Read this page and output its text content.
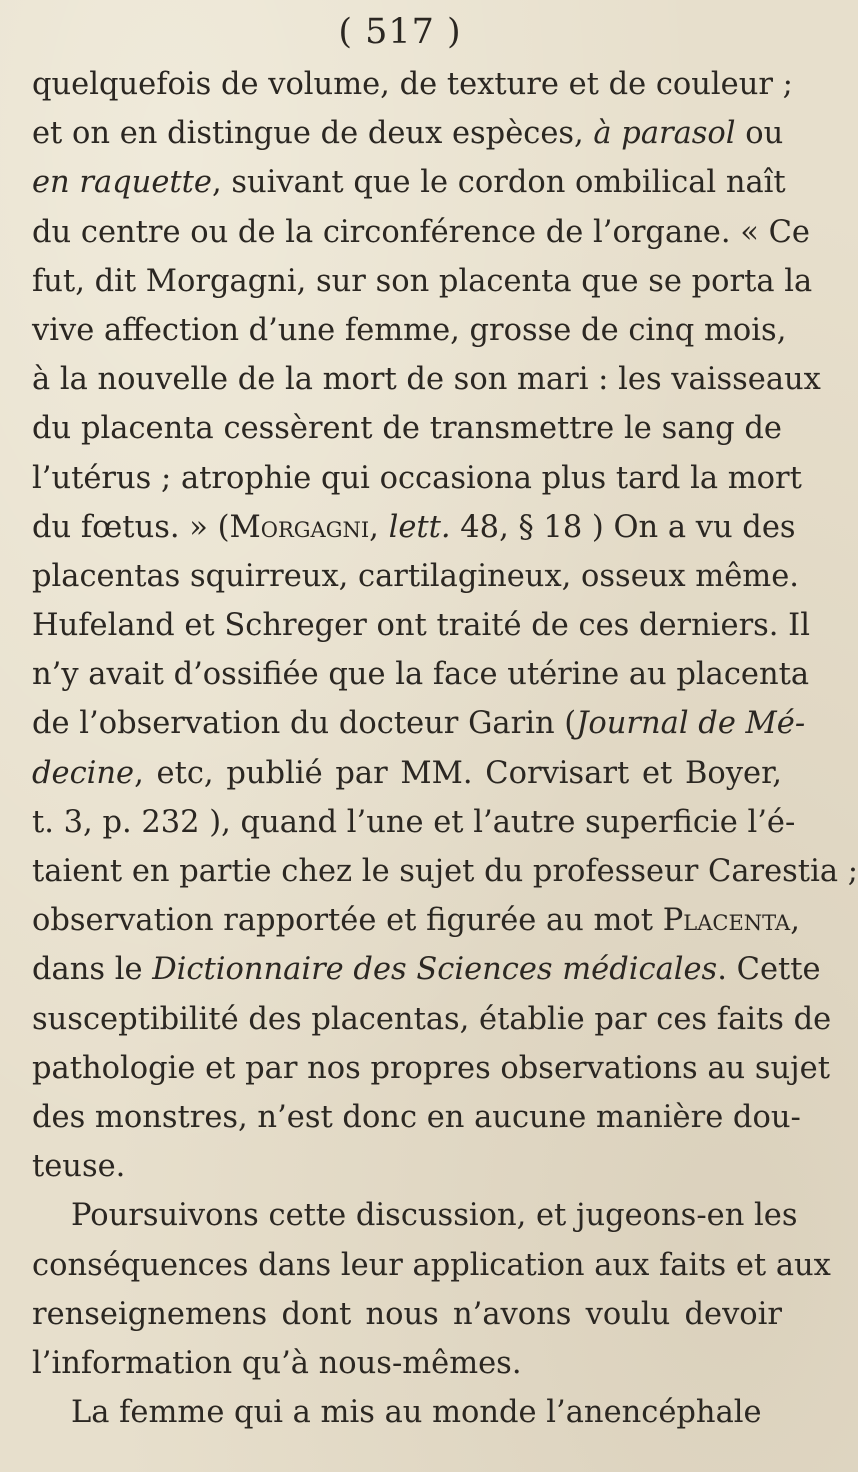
( 517 )
quelquefois de volume, de texture et de couleur ;
et on en distingue de deux espèces, à parasol ou
en raquette, suivant que le cordon ombilical naît
du centre ou de la circonférence de l’organe. « Ce
fut, dit Morgagni, sur son placenta que se porta la
vive affection d’une femme, grosse de cinq mois,
à la nouvelle de la mort de son mari : les vaisseaux
du placenta cessèrent de transmettre le sang de
l’utérus ; atrophie qui occasiona plus tard la mort
du fœtus. » (Morgagni, lett. 48, § 18 ) On a vu des
placentas squirreux, cartilagineux, osseux même.
Hufeland et Schreger ont traité de ces derniers. Il
n’y avait d’ossifiée que la face utérine au placenta
de l’observation du docteur Garin (Journal de Mé-
decine, etc, publié par MM. Corvisart et Boyer,
t. 3, p. 232 ), quand l’une et l’autre superficie l’é-
taient en partie chez le sujet du professeur Carestia ;
observation rapportée et figurée au mot Placenta,
dans le Dictionnaire des Sciences médicales. Cette
susceptibilité des placentas, établie par ces faits de
pathologie et par nos propres observations au sujet
des monstres, n’est donc en aucune manière dou-
teuse.
Poursuivons cette discussion, et jugeons-en les
conséquences dans leur application aux faits et aux
renseignemens dont nous n’avons voulu devoir
l’information qu’à nous-mêmes.
La femme qui a mis au monde l’anencéphale
